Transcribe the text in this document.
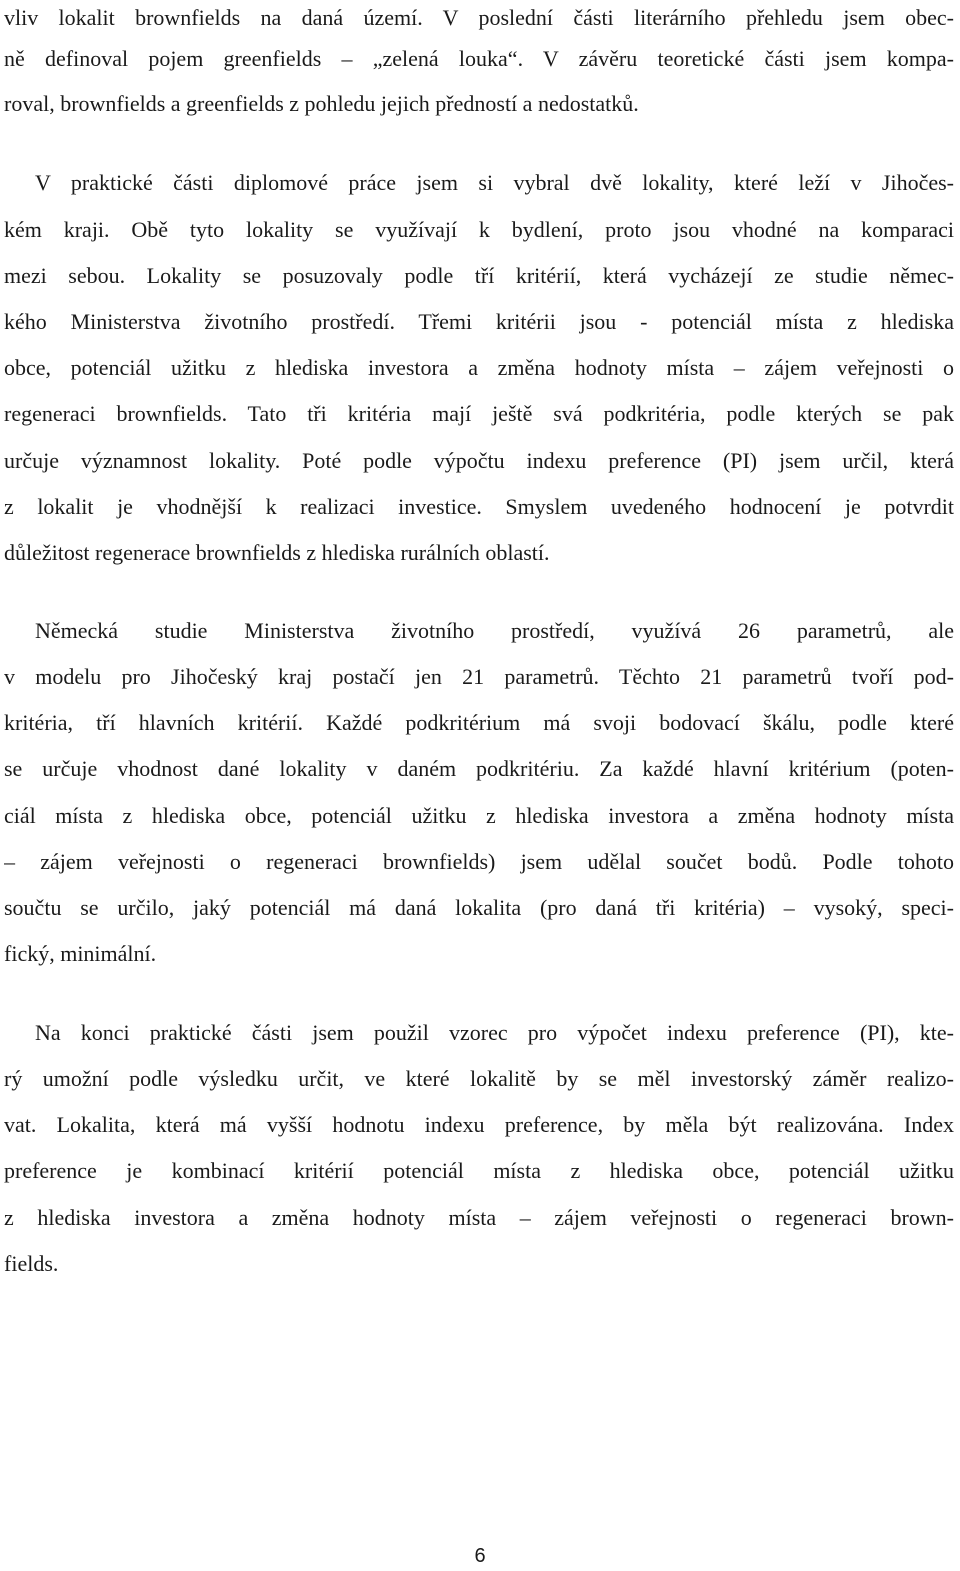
vliv lokalit brownfields na daná území. V poslední části literárního přehledu jsem obec-
ně definoval pojem greenfields – „zelená louka“. V závěru teoretické části jsem kompa-
roval, brownfields a greenfields z pohledu jejich předností a nedostatků.
V praktické části diplomové práce jsem si vybral dvě lokality, které leží v Jihočes-
kém kraji. Obě tyto lokality se využívají k bydlení, proto jsou vhodné na komparaci
mezi sebou. Lokality se posuzovaly podle tří kritérií, která vycházejí ze studie němec-
kého Ministerstva životního prostředí. Třemi kritérii jsou - potenciál místa z hlediska
obce, potenciál užitku z hlediska investora a změna hodnoty místa – zájem veřejnosti o
regeneraci brownfields. Tato tři kritéria mají ještě svá podkritéria, podle kterých se pak
určuje významnost lokality. Poté podle výpočtu indexu preference (PI) jsem určil, která
z lokalit je vhodnější k realizaci investice. Smyslem uvedeného hodnocení je potvrdit
důležitost regenerace brownfields z hlediska rurálních oblastí.
Německá studie Ministerstva životního prostředí, využívá 26 parametrů, ale
v modelu pro Jihočeský kraj postačí jen 21 parametrů. Těchto 21 parametrů tvoří pod-
kritéria, tří hlavních kritérií. Každé podkritérium má svoji bodovací škálu, podle které
se určuje vhodnost dané lokality v daném podkritériu. Za každé hlavní kritérium (poten-
ciál místa z hlediska obce, potenciál užitku z hlediska investora a změna hodnoty místa
– zájem veřejnosti o regeneraci brownfields) jsem udělal součet bodů. Podle tohoto
součtu se určilo, jaký potenciál má daná lokalita (pro daná tři kritéria) – vysoký, speci-
fický, minimální.
Na konci praktické části jsem použil vzorec pro výpočet indexu preference (PI), kte-
rý umožní podle výsledku určit, ve které lokalitě by se měl investorský záměr realizo-
vat. Lokalita, která má vyšší hodnotu indexu preference, by měla být realizována. Index
preference je kombinací kritérií potenciál místa z hlediska obce, potenciál užitku
z hlediska investora a změna hodnoty místa – zájem veřejnosti o regeneraci brown-
fields.
6
